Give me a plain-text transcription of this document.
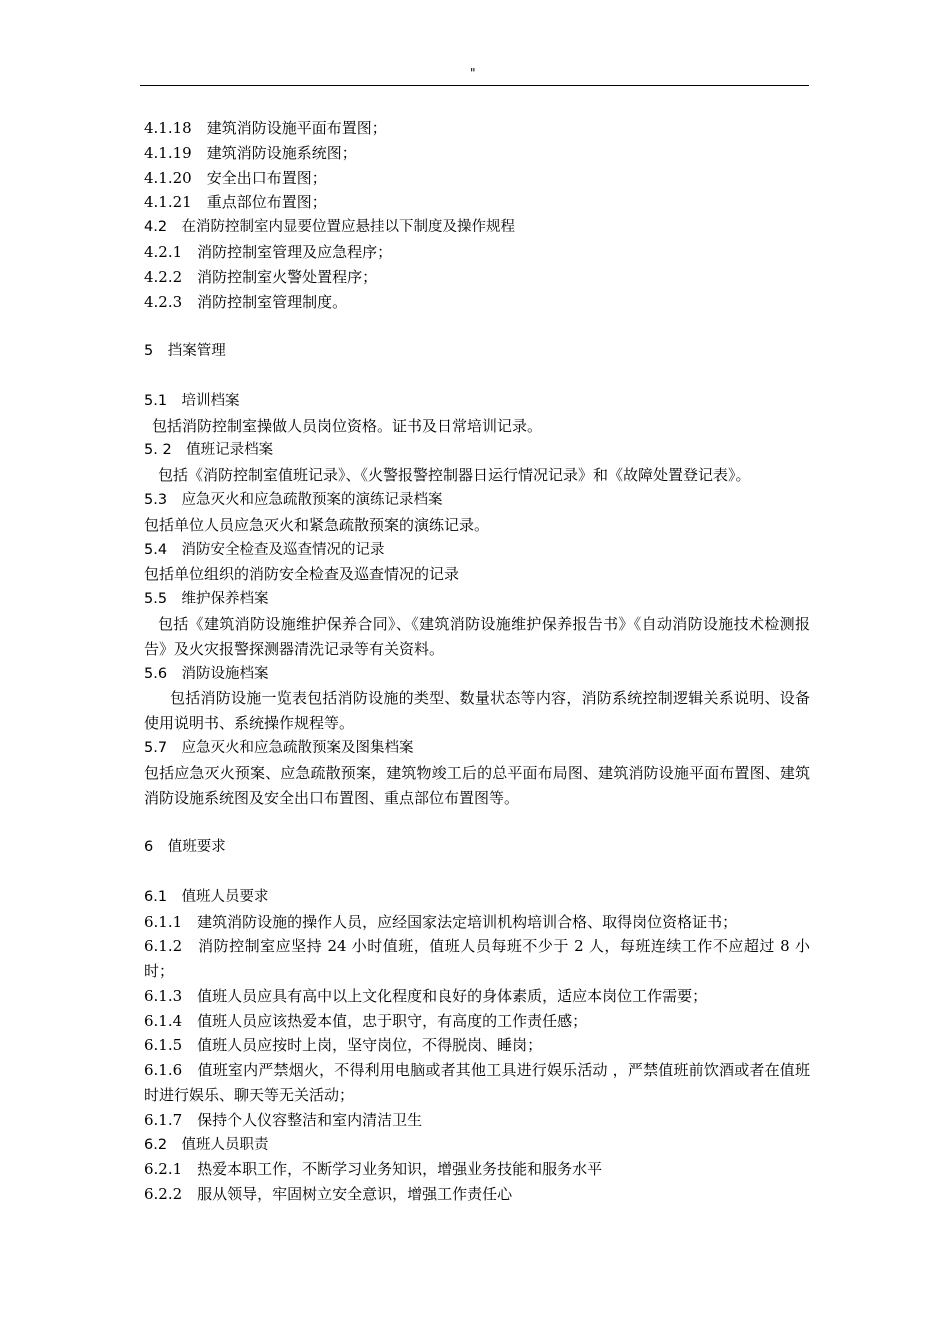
"
4.1.18　建筑消防设施平面布置图；
4.1.19　建筑消防设施系统图；
4.1.20　安全出口布置图；
4.1.21　重点部位布置图；
4.2　在消防控制室内显要位置应悬挂以下制度及操作规程
4.2.1　消防控制室管理及应急程序；
4.2.2　消防控制室火警处置程序；
4.2.3　消防控制室管理制度。
5　挡案管理
5.1　培训档案
包括消防控制室操做人员岗位资格。证书及日常培训记录。
5. 2　值班记录档案
包括《消防控制室值班记录》、《火警报警控制器日运行情况记录》和《故障处置登记表》。
5.3　应急灭火和应急疏散预案的演练记录档案
包括单位人员应急灭火和紧急疏散预案的演练记录。
5.4　消防安全检查及巡查情况的记录
包括单位组织的消防安全检查及巡查情况的记录
5.5　维护保养档案
包括《建筑消防设施维护保养合同》、《建筑消防设施维护保养报告书》《自动消防设施技术检测报告》及火灾报警探测器清洗记录等有关资料。
5.6　消防设施档案
包括消防设施一览表包括消防设施的类型、数量状态等内容，消防系统控制逻辑关系说明、设备使用说明书、系统操作规程等。
5.7　应急灭火和应急疏散预案及图集档案
包括应急灭火预案、应急疏散预案，建筑物竣工后的总平面布局图、建筑消防设施平面布置图、建筑消防设施系统图及安全出口布置图、重点部位布置图等。
6　值班要求
6.1　值班人员要求
6.1.1　建筑消防设施的操作人员，应经国家法定培训机构培训合格、取得岗位资格证书；
6.1.2　消防控制室应坚持 24 小时值班，值班人员每班不少于 2 人，每班连续工作不应超过 8 小时；
6.1.3　值班人员应具有高中以上文化程度和良好的身体素质，适应本岗位工作需要；
6.1.4　值班人员应该热爱本值，忠于职守，有高度的工作责任感；
6.1.5　值班人员应按时上岗，坚守岗位，不得脱岗、睡岗；
6.1.6　值班室内严禁烟火，不得利用电脑或者其他工具进行娱乐活动 ，严禁值班前饮酒或者在值班时进行娱乐、聊天等无关活动；
6.1.7　保持个人仪容整洁和室内清洁卫生
6.2　值班人员职责
6.2.1　热爱本职工作，不断学习业务知识，增强业务技能和服务水平
6.2.2　服从领导，牢固树立安全意识，增强工作责任心
